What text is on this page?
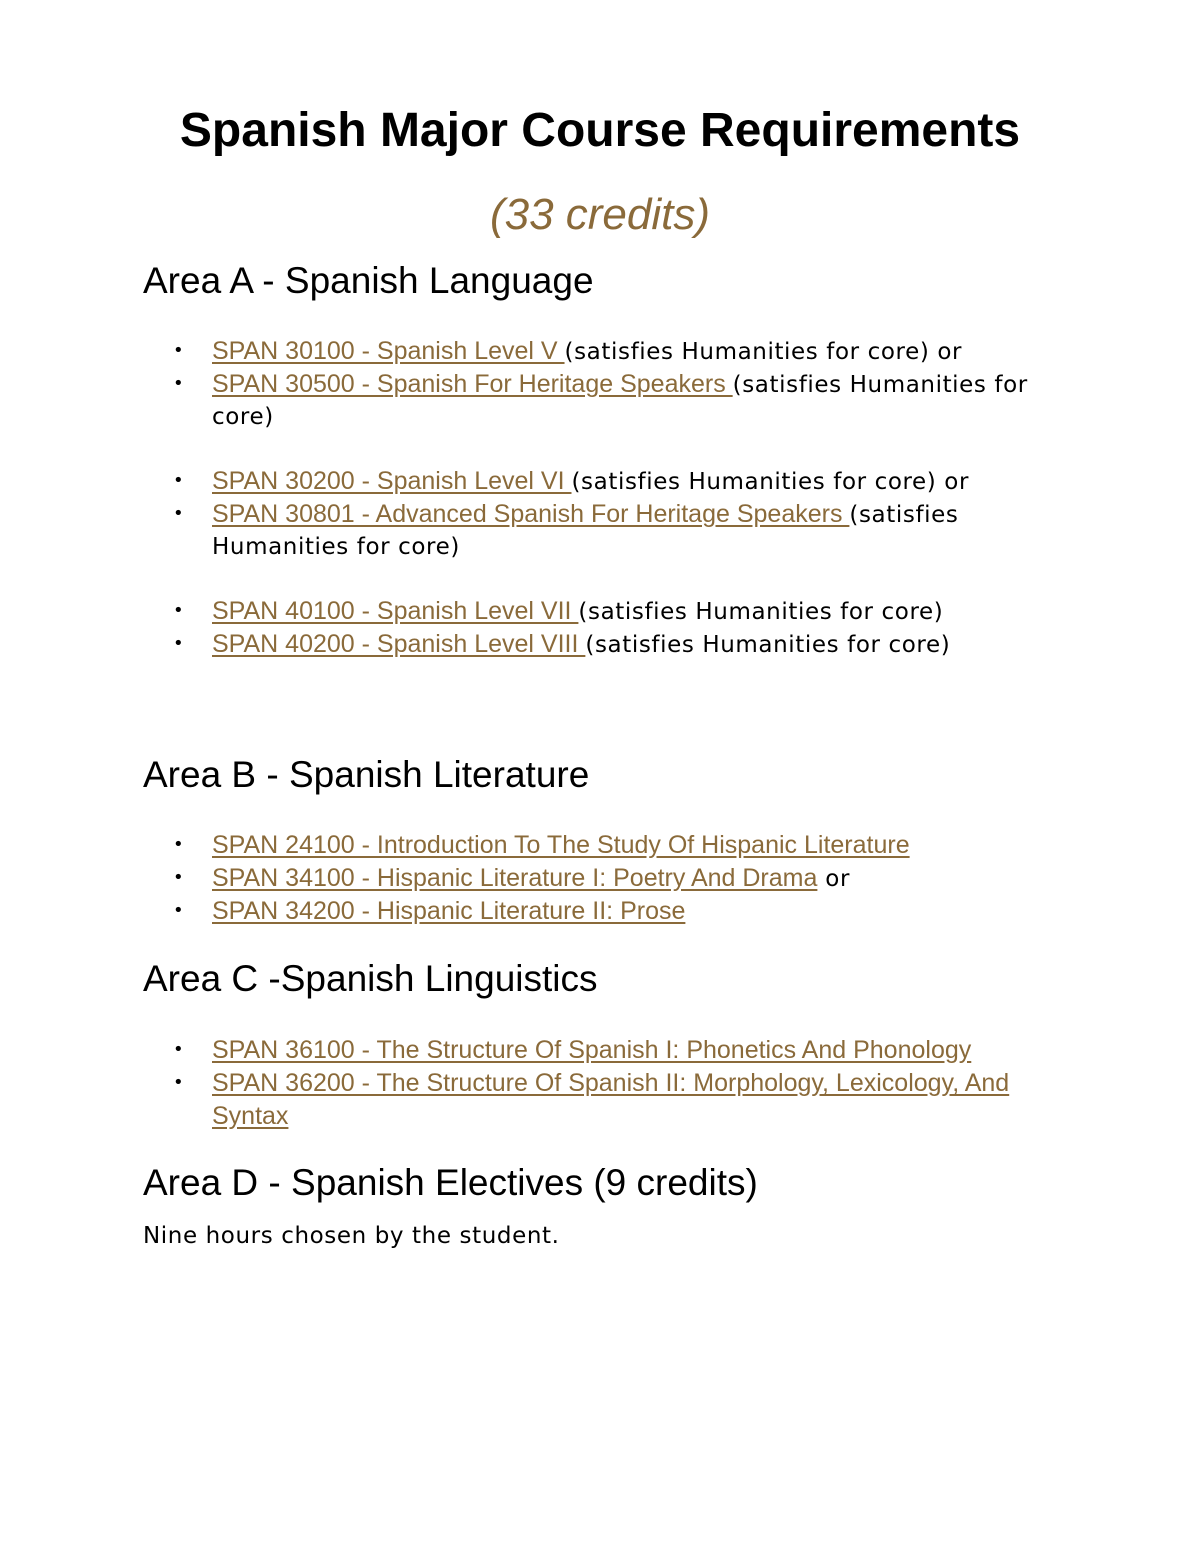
Spanish Major Course Requirements

(33 credits)

Area A - Spanish Language
• SPAN 30100 - Spanish Level V (satisfies Humanities for core) or
• SPAN 30500 - Spanish For Heritage Speakers (satisfies Humanities for core)
• SPAN 30200 - Spanish Level VI (satisfies Humanities for core) or
• SPAN 30801 - Advanced Spanish For Heritage Speakers (satisfies Humanities for core)
• SPAN 40100 - Spanish Level VII (satisfies Humanities for core)
• SPAN 40200 - Spanish Level VIII (satisfies Humanities for core)
Area B - Spanish Literature
• SPAN 24100 - Introduction To The Study Of Hispanic Literature
• SPAN 34100 - Hispanic Literature I: Poetry And Drama or
• SPAN 34200 - Hispanic Literature II: Prose
Area C -Spanish Linguistics
• SPAN 36100 - The Structure Of Spanish I: Phonetics And Phonology
• SPAN 36200 - The Structure Of Spanish II: Morphology, Lexicology, And Syntax
Area D - Spanish Electives (9 credits)

Nine hours chosen by the student.
